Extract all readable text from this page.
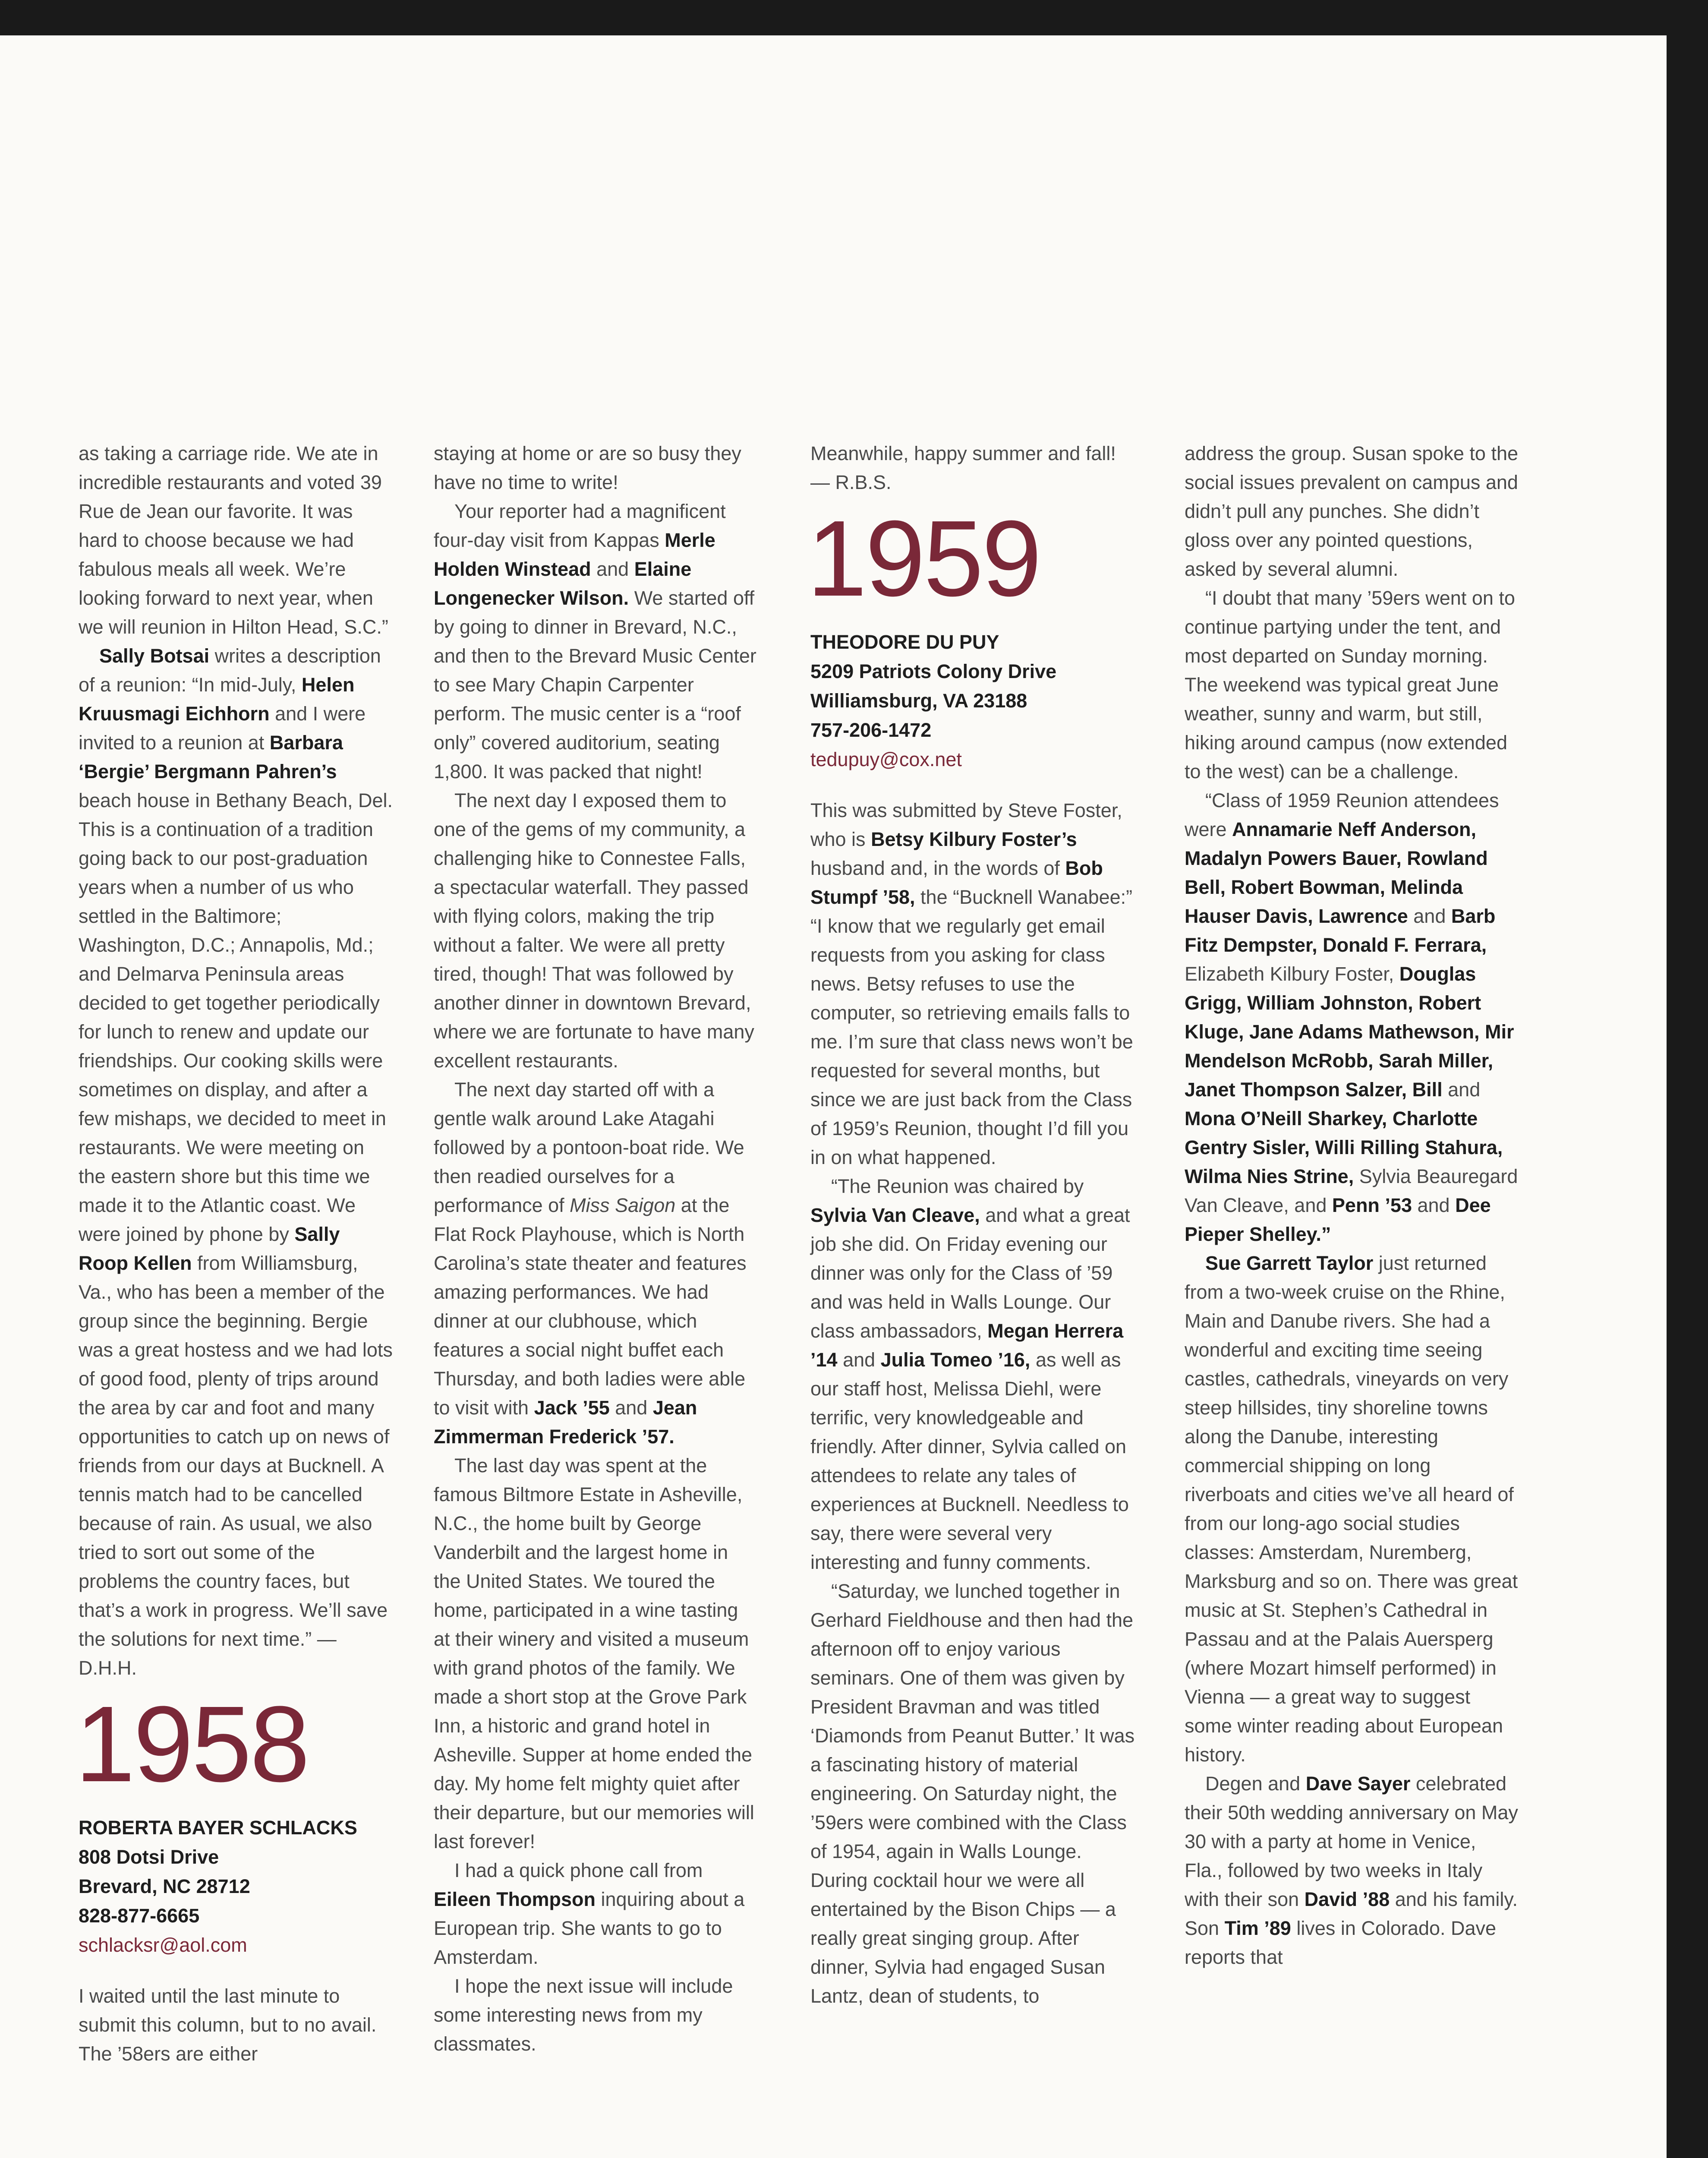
as taking a carriage ride. We ate in incredible restaurants and voted 39 Rue de Jean our favorite. It was hard to choose because we had fabulous meals all week. We’re looking forward to next year, when we will reunion in Hilton Head, S.C.”

Sally Botsai writes a description of a reunion: “In mid-July, Helen Kruusmagi Eichhorn and I were invited to a reunion at Barbara ‘Bergie’ Bergmann Pahren’s beach house in Bethany Beach, Del. This is a continuation of a tradition going back to our post-graduation years when a number of us who settled in the Baltimore; Washington, D.C.; Annapolis, Md.; and Delmarva Peninsula areas decided to get together periodically for lunch to renew and update our friendships. Our cooking skills were sometimes on display, and after a few mishaps, we decided to meet in restaurants. We were meeting on the eastern shore but this time we made it to the Atlantic coast. We were joined by phone by Sally Roop Kellen from Williamsburg, Va., who has been a member of the group since the beginning. Bergie was a great hostess and we had lots of good food, plenty of trips around the area by car and foot and many opportunities to catch up on news of friends from our days at Bucknell. A tennis match had to be cancelled because of rain. As usual, we also tried to sort out some of the problems the country faces, but that’s a work in progress. We’ll save the solutions for next time.” — D.H.H.

1958
ROBERTA BAYER SCHLACKS
808 Dotsi Drive
Brevard, NC 28712
828-877-6665
schlacksr@aol.com

I waited until the last minute to submit this column, but to no avail. The ’58ers are either

staying at home or are so busy they have no time to write!

Your reporter had a magnificent four-day visit from Kappas Merle Holden Winstead and Elaine Longenecker Wilson. We started off by going to dinner in Brevard, N.C., and then to the Brevard Music Center to see Mary Chapin Carpenter perform. The music center is a “roof only” covered auditorium, seating 1,800. It was packed that night!

The next day I exposed them to one of the gems of my community, a challenging hike to Connestee Falls, a spectacular waterfall. They passed with flying colors, making the trip without a falter. We were all pretty tired, though! That was followed by another dinner in downtown Brevard, where we are fortunate to have many excellent restaurants.

The next day started off with a gentle walk around Lake Atagahi followed by a pontoon-boat ride. We then readied ourselves for a performance of Miss Saigon at the Flat Rock Playhouse, which is North Carolina’s state theater and features amazing performances. We had dinner at our clubhouse, which features a social night buffet each Thursday, and both ladies were able to visit with Jack ’55 and Jean Zimmerman Frederick ’57.

The last day was spent at the famous Biltmore Estate in Asheville, N.C., the home built by George Vanderbilt and the largest home in the United States. We toured the home, participated in a wine tasting at their winery and visited a museum with grand photos of the family. We made a short stop at the Grove Park Inn, a historic and grand hotel in Asheville. Supper at home ended the day. My home felt mighty quiet after their departure, but our memories will last forever!

I had a quick phone call from Eileen Thompson inquiring about a European trip. She wants to go to Amsterdam.

I hope the next issue will include some interesting news from my classmates.

Meanwhile, happy summer and fall! — R.B.S.

1959
THEODORE DU PUY
5209 Patriots Colony Drive
Williamsburg, VA 23188
757-206-1472
tedupuy@cox.net

This was submitted by Steve Foster, who is Betsy Kilbury Foster’s husband and, in the words of Bob Stumpf ’58, the “Bucknell Wanabee:” “I know that we regularly get email requests from you asking for class news. Betsy refuses to use the computer, so retrieving emails falls to me. I’m sure that class news won’t be requested for several months, but since we are just back from the Class of 1959’s Reunion, thought I’d fill you in on what happened.

“The Reunion was chaired by Sylvia Van Cleave, and what a great job she did. On Friday evening our dinner was only for the Class of ’59 and was held in Walls Lounge. Our class ambassadors, Megan Herrera ’14 and Julia Tomeo ’16, as well as our staff host, Melissa Diehl, were terrific, very knowledgeable and friendly. After dinner, Sylvia called on attendees to relate any tales of experiences at Bucknell. Needless to say, there were several very interesting and funny comments.

“Saturday, we lunched together in Gerhard Fieldhouse and then had the afternoon off to enjoy various seminars. One of them was given by President Bravman and was titled ‘Diamonds from Peanut Butter.’ It was a fascinating history of material engineering. On Saturday night, the ’59ers were combined with the Class of 1954, again in Walls Lounge. During cocktail hour we were all entertained by the Bison Chips — a really great singing group. After dinner, Sylvia had engaged Susan Lantz, dean of students, to

address the group. Susan spoke to the social issues prevalent on campus and didn’t pull any punches. She didn’t gloss over any pointed questions, asked by several alumni.

“I doubt that many ’59ers went on to continue partying under the tent, and most departed on Sunday morning. The weekend was typical great June weather, sunny and warm, but still, hiking around campus (now extended to the west) can be a challenge.

“Class of 1959 Reunion attendees were Annamarie Neff Anderson, Madalyn Powers Bauer, Rowland Bell, Robert Bowman, Melinda Hauser Davis, Lawrence and Barb Fitz Dempster, Donald F. Ferrara, Elizabeth Kilbury Foster, Douglas Grigg, William Johnston, Robert Kluge, Jane Adams Mathewson, Mir Mendelson McRobb, Sarah Miller, Janet Thompson Salzer, Bill and Mona O’Neill Sharkey, Charlotte Gentry Sisler, Willi Rilling Stahura, Wilma Nies Strine, Sylvia Beauregard Van Cleave, and Penn ’53 and Dee Pieper Shelley.”

Sue Garrett Taylor just returned from a two-week cruise on the Rhine, Main and Danube rivers. She had a wonderful and exciting time seeing castles, cathedrals, vineyards on very steep hillsides, tiny shoreline towns along the Danube, interesting commercial shipping on long riverboats and cities we’ve all heard of from our long-ago social studies classes: Amsterdam, Nuremberg, Marksburg and so on. There was great music at St. Stephen’s Cathedral in Passau and at the Palais Auersperg (where Mozart himself performed) in Vienna — a great way to suggest some winter reading about European history.

Degen and Dave Sayer celebrated their 50th wedding anniversary on May 30 with a party at home in Venice, Fla., followed by two weeks in Italy with their son David ’88 and his family. Son Tim ’89 lives in Colorado. Dave reports that
